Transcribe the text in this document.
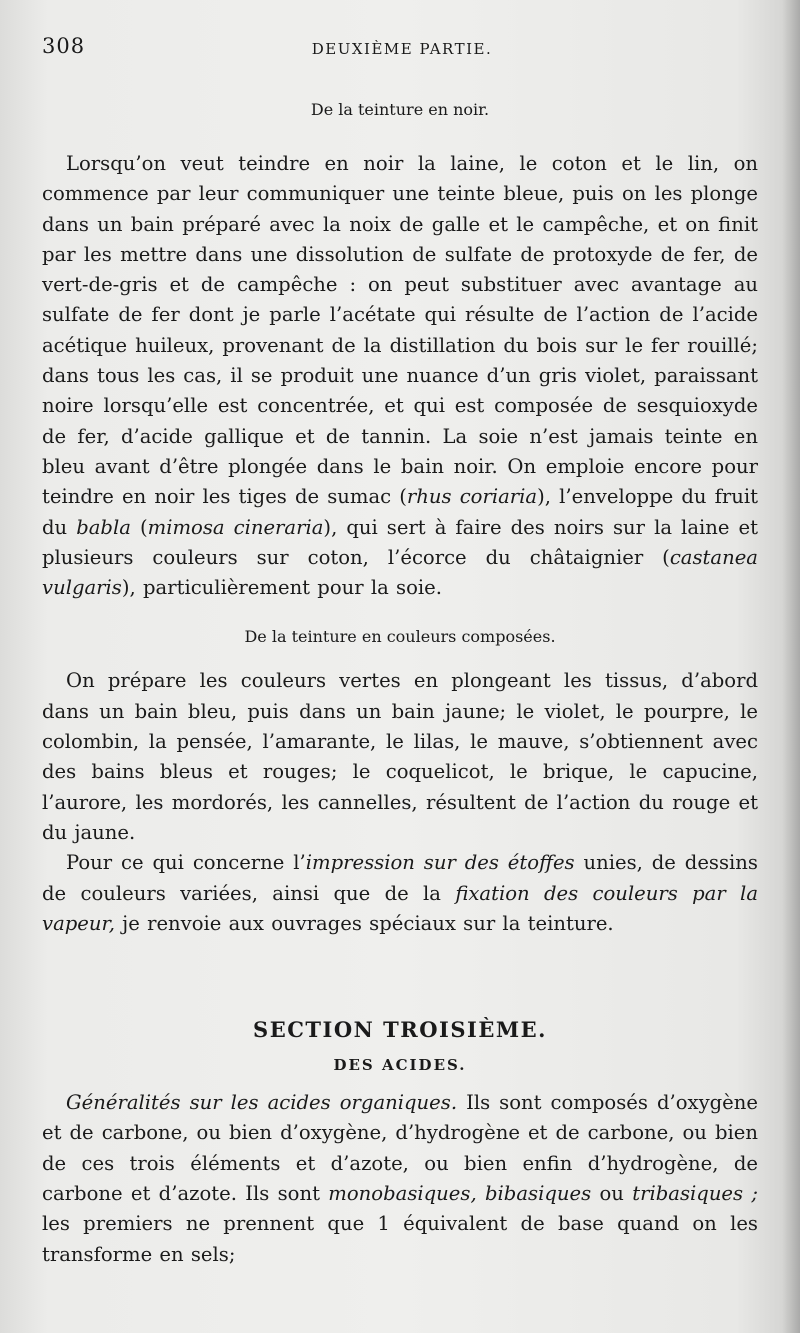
308	DEUXIÈME PARTIE.

De la teinture en noir.

Lorsqu’on veut teindre en noir la laine, le coton et le lin, on commence par leur communiquer une teinte bleue, puis on les plonge dans un bain préparé avec la noix de galle et le campêche, et on finit par les mettre dans une dissolution de sulfate de protoxyde de fer, de vert-de-gris et de campêche : on peut substituer avec avantage au sulfate de fer dont je parle l’acétate qui résulte de l’action de l’acide acétique huileux, provenant de la distillation du bois sur le fer rouillé; dans tous les cas, il se produit une nuance d’un gris violet, paraissant noire lorsqu’elle est concentrée, et qui est composée de sesquioxyde de fer, d’acide gallique et de tannin. La soie n’est jamais teinte en bleu avant d’être plongée dans le bain noir. On emploie encore pour teindre en noir les tiges de sumac (rhus coriaria), l’enveloppe du fruit du babla (mimosa cineraria), qui sert à faire des noirs sur la laine et plusieurs couleurs sur coton, l’écorce du châtaignier (castanea vulgaris), particulièrement pour la soie.

De la teinture en couleurs composées.

On prépare les couleurs vertes en plongeant les tissus, d’abord dans un bain bleu, puis dans un bain jaune; le violet, le pourpre, le colombin, la pensée, l’amarante, le lilas, le mauve, s’obtiennent avec des bains bleus et rouges; le coquelicot, le brique, le capucine, l’aurore, les mordorés, les cannelles, résultent de l’action du rouge et du jaune.

Pour ce qui concerne l’impression sur des étoffes unies, de dessins de couleurs variées, ainsi que de la fixation des couleurs par la vapeur, je renvoie aux ouvrages spéciaux sur la teinture.

SECTION TROISIÈME.

DES ACIDES.

Généralités sur les acides organiques. Ils sont composés d’oxygène et de carbone, ou bien d’oxygène, d’hydrogène et de carbone, ou bien de ces trois éléments et d’azote, ou bien enfin d’hydrogène, de carbone et d’azote. Ils sont monobasiques, bibasiques ou tribasiques ; les premiers ne prennent que 1 équivalent de base quand on les transforme en sels;
